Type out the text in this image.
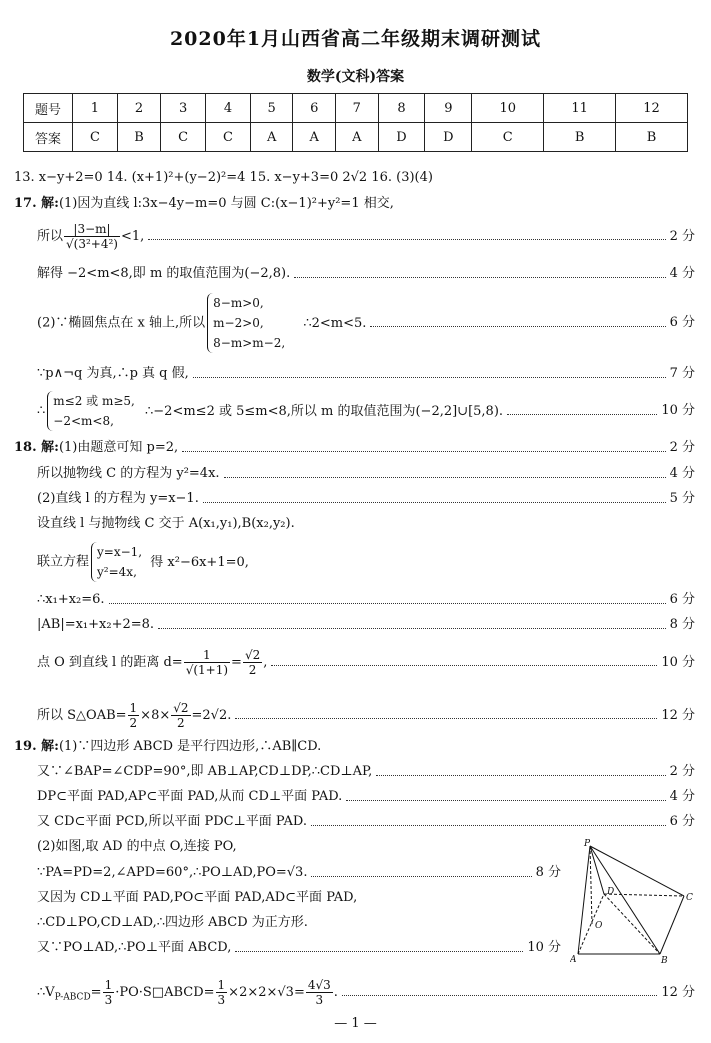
2020年1月山西省高二年级期末调研测试
数学(文科)答案
题号	1	2	3	4	5	6	7	8	9	10	11	12
答案	C	B	C	C	A	A	A	D	D	C	B	B
13. x−y+2=0 14. (x+1)²+(y−2)²=4 15. x−y+3=0 2√2 16. (3)(4)
17. 解:(1)因为直线 l:3x−4y−m=0 与圆 C:(x−1)²+y²=1 相交,
所以 $\frac{|3-m|}{\text{√(3²+4²)}} <1$,	2 分
解得 −2<m<8,即 m 的取值范围为(−2,8).	4 分
(2)∵椭圆焦点在 x 轴上,所以
8−m>0,
m−2>0,
8−m>m−2,
∴2<m<5.	6 分
∵p∧¬q 为真,∴p 真 q 假,	7 分
∴
m≤2 或 m≥5,
−2<m<8,
∴−2<m≤2 或 5≤m<8,所以 m 的取值范围为(−2,2]∪[5,8).	10 分
18. 解:(1)由题意可知 p=2,	2 分
所以抛物线 C 的方程为 y²=4x.	4 分
(2)直线 l 的方程为 y=x−1.	5 分
设直线 l 与抛物线 C 交于 A(x₁,y₁),B(x₂,y₂).
联立方程
y=x−1,
y²=4x,
得 x²−6x+1=0,
∴x₁+x₂=6.	6 分
|AB|=x₁+x₂+2=8.	8 分
点 O 到直线 l 的距离 $d= \frac{1}{√(1+1)} = \frac{√2}{2}$ ,	10 分
所以 S△OAB= $\frac{1}{2} \times 8\times \frac{√2}{2} =2√2$.	12 分
19. 解:(1)∵四边形 ABCD 是平行四边形,∴AB∥CD.
又∵∠BAP=∠CDP=90°,即 AB⊥AP,CD⊥DP,∴CD⊥AP,	2 分
DP⊂平面 PAD,AP⊂平面 PAD,从而 CD⊥平面 PAD.	4 分
又 CD⊂平面 PCD,所以平面 PDC⊥平面 PAD.	6 分
(2)如图,取 AD 的中点 O,连接 PO,
∵PA=PD=2,∠APD=60°,∴PO⊥AD,PO=√3.	8 分
又因为 CD⊥平面 PAD,PO⊂平面 PAD,AD⊂平面 PAD,
∴CD⊥PO,CD⊥AD,∴四边形 ABCD 为正方形.
又∵PO⊥AD,∴PO⊥平面 ABCD,	10 分
$\therefore V_{P-ABCD}= \frac{1}{3}$ ·PO·S□ABCD= $\frac{1}{3} \times 2\times 2\times√3= \frac{4√3}{3}$ .	12 分
P
D
C
O
A	B
— 1 —
